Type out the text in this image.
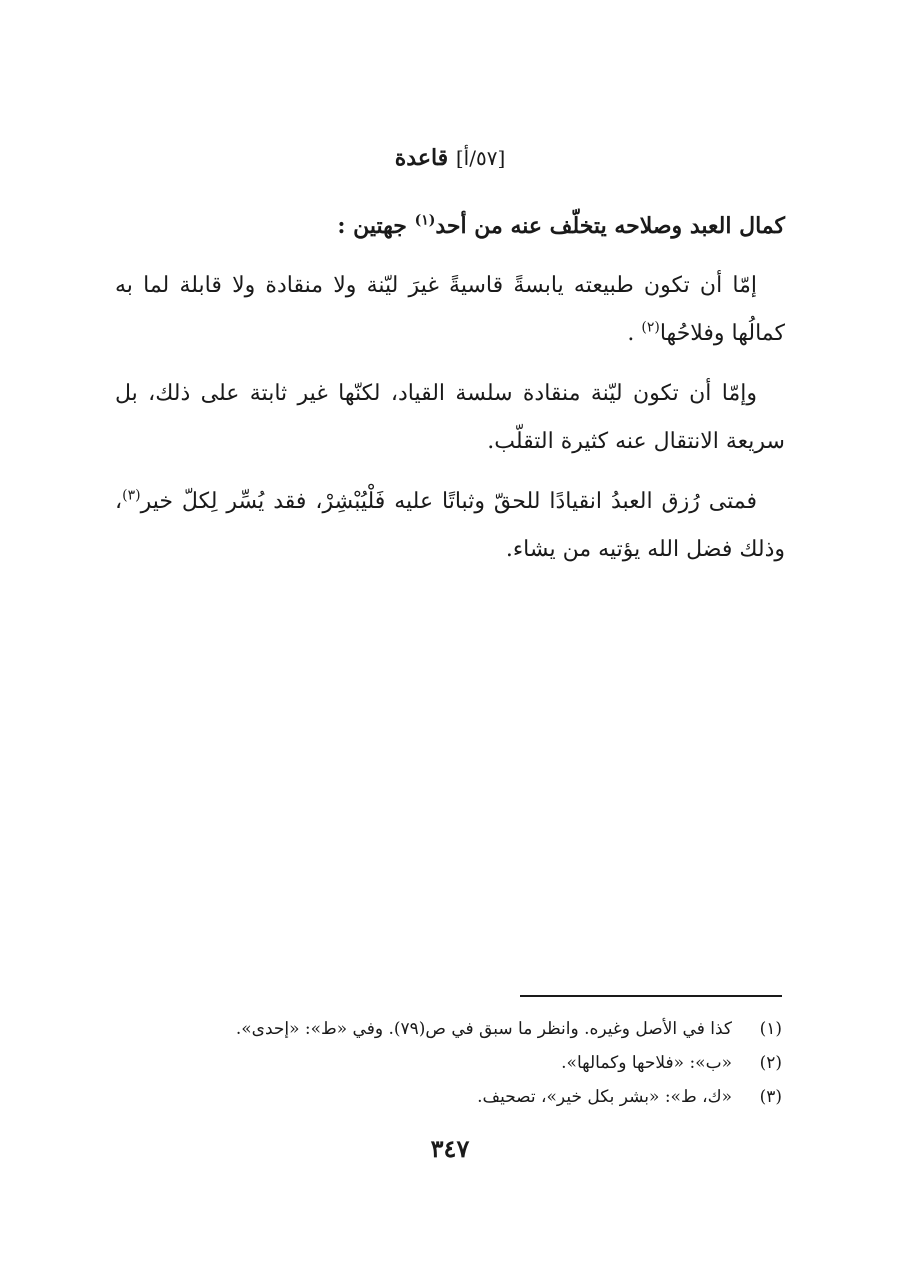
[٥٧/أ] قاعدة

كمال العبد وصلاحه يتخلّف عنه من أحد$^{(١)}$ جهتين :

إمّا أن تكون طبيعته يابسةً قاسيةً غيرَ ليّنة ولا منقادة ولا قابلة لما به كمالُها وفلاحُها$^{(٢)}$ .

وإمّا أن تكون ليّنة منقادة سلسة القياد، لكنّها غير ثابتة على ذلك، بل سريعة الانتقال عنه كثيرة التقلّب.

فمتى رُزق العبدُ انقيادًا للحقّ وثباتًا عليه فَلْيُبْشِرْ، فقد يُسِّر لِكلّ خير$^{(٣)}$، وذلك فضل الله يؤتيه من يشاء.

(١)
كذا في الأصل وغيره. وانظر ما سبق في ص(٧٩). وفي «ط»: «إحدى».
(٢)
«ب»: «فلاحها وكمالها».
(٣)
«ك، ط»: «بشر بكل خير»، تصحيف.
٣٤٧
